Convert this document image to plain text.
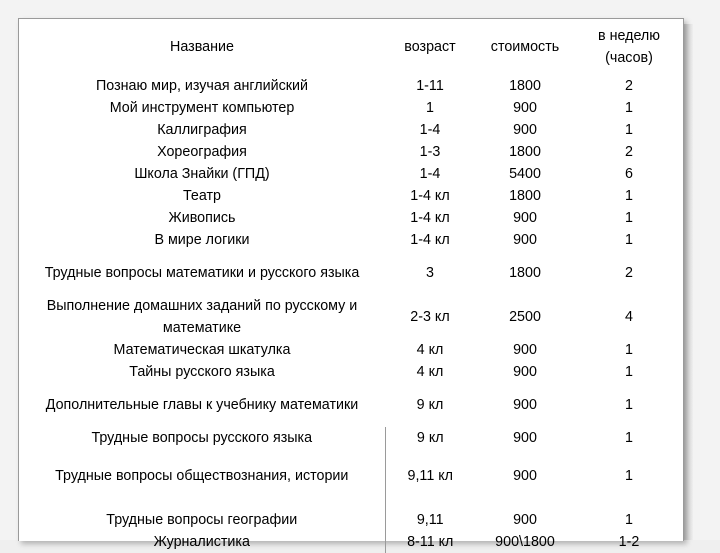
Название	возраст	стоимость	в неделю (часов)
Познаю мир, изучая английский	1-11	1800	2
Мой инструмент компьютер	1	900	1
Каллиграфия	1-4	900	1
Хореография	1-3	1800	2
Школа Знайки (ГПД)	1-4	5400	6
Театр	1-4 кл	1800	1
Живопись	1-4 кл	900	1
В мире логики	1-4 кл	900	1
Трудные вопросы математики и русского языка	3	1800	2
Выполнение домашних заданий по русскому и математике	2-3 кл	2500	4
Математическая шкатулка	4 кл	900	1
Тайны русского языка	4 кл	900	1
Дополнительные главы к учебнику математики	9 кл	900	1
Трудные вопросы русского языка	9 кл	900	1
Трудные вопросы обществознания, истории	9,11 кл	900	1
Трудные вопросы географии	9,11	900	1
Журналистика	8-11 кл	900\1800	1-2
